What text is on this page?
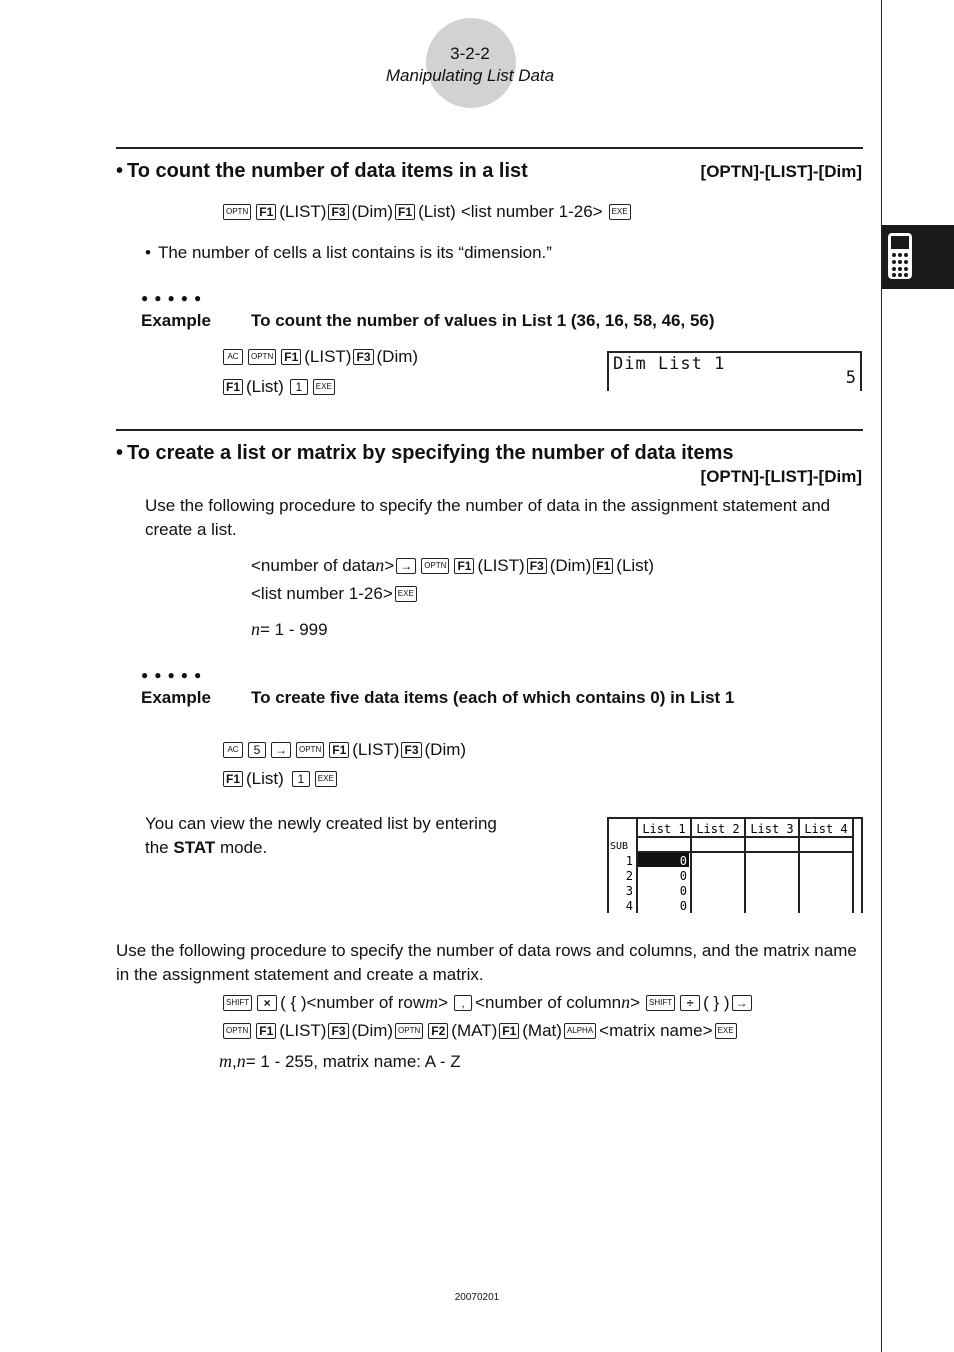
3-2-2
Manipulating List Data
• To count the number of data items in a list	[OPTN]-[LIST]-[Dim]
OPTN F1 (LIST) F3 (Dim) F1 (List) <list number 1-26>	EXE
• The number of cells a list contains is its “dimension.”
●●●●●
Example To count the number of values in List 1 (36, 16, 58, 46, 56)
AC	OPTN F1 (LIST) F3 (Dim)
F1 (List) 1	EXE
Dim List 1
5
• To create a list or matrix by specifying the number of data items
[OPTN]-[LIST]-[Dim]
Use the following procedure to specify the number of data in the assignment statement and create a list.
<number of data n > →	OPTN F1 (LIST) F3 (Dim) F1 (List)
<list number 1-26> EXE
n = 1 - 999
●●●●●
Example To create five data items (each of which contains 0) in List 1
AC	5	→	OPTN F1 (LIST) F3 (Dim)
F1 (List)	1	EXE
You can view the newly created list by entering
the STAT mode.
List 1 List 2 List 3 List 4
SUB
1	0
2	0
3	0
4	0
Use the following procedure to specify the number of data rows and columns, and the matrix name in the assignment statement and create a matrix.
SHIFT	× ( { )<number of row m >	, <number of column n >	SHIFT	÷ ( } ) →
OPTN F1 (LIST) F3 (Dim) OPTN F2 (MAT) F1 (Mat) ALPHA <matrix name> EXE
m , n = 1 - 255, matrix name: A - Z
20070201
